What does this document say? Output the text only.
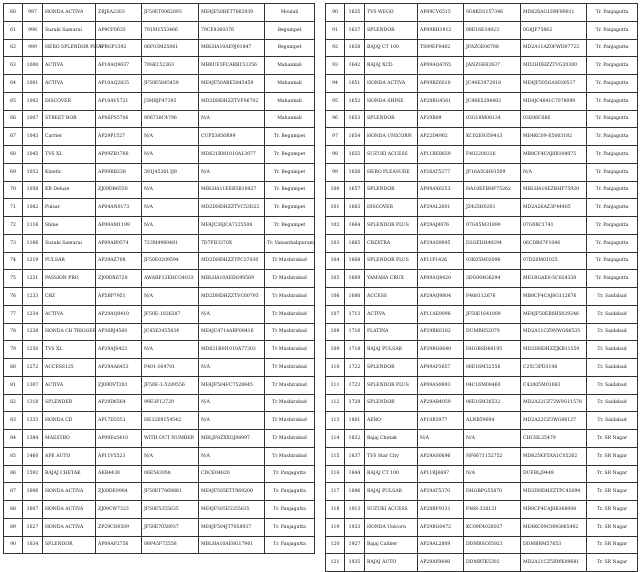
60	997	HONDA ACTIVA	ZBJEA2303	JF50ET0062093	ME4JF50BET7062939	Moulali
61	998	Suzuki Samurai	AP9CF0635	791M1553466	79CF8360376	Begumpet
62	999	HERO SPLENDOR PLUS	APBGP1392	06F03M25061	MBLHA10AE9J01847	Begumpet
63	1000	ACTIVA	AP10AQ9637	79SK152363	MBRUF3FCARB153356	Mahankali
64	1001	ACTIVA	AP10AQ2835	JF50E5845459	ME4JF50ABE5845459	Mahankali
65	1002	DISCOVER	AP10AV5721	J3MBJF47392	MD2DHDHZZTVF06702	Mahankali
66	1007	STREET BOB	APS6PS5706	906730C4796	N/A	Mahankali
67	1043	Carrier	AP29P1527	N/A	CUP53856R99	Tr. Begumpet
68	1045	TVS XL	AP09ZB1766	N/A	MD621BM1010A13077	Tr. Begumpet
69	1052	Kinetic	AP09BB238	391J452613J8	N/A	Tr. Begumpet
70	1058	KB Deluxe	ZJ09DB6550	N/A	MBLHA11EEB5B10427	Tr. Begumpet
71	1082	Pulsar	AP04AN0173	N/A	MD2DHDHZZTVC53D22	Tr. Begumpet
72	1116	Shine	AP09AM1199	N/A	ME4JC36JCA7125508	Tr. Begumpet
73	1166	Suzuki Samurai	AP09AB9574	723M4960481	7D7FB3370X	Tr. Vanasthalipuram
74	1219	PULSAR	AP29AZ708	JF50E0209594	MD2DHDHZZTPC37030	Tr Mushirabad
75	1231	PASSION PRO	ZJ09DX6720	AWARF12EHCG4033	MBLHA10AEDG99569	Tr Mushirabad
76	1233	CBZ	AP5BP7951	N/A	MD2DHDHZZTVC60793	Tr Mushirabad
77	1234	ACTIVA	AP29AQ0410	JF50E-1026387	N/A	Tr Mushirabad
78	1238	HONDA CB TRIGGER	AP36BJ4560	JC45E3455434	ME4JC4714ABF08416	Tr Mushirabad
79	1250	TVS XL	AP29AJ0423	N/A	MD621BM1010A77303	Tr Mushirabad
80	1272	ACCESS125	AP29AA6453	F401-164701	N/A	Tr Mushirabad
81	1307	ACTIVA	ZJ09DVT281	JF50E-1-5289556	ME4JF504FC7528845	Tr Mushirabad
82	1318	SPLENDER	AP29D6564	99E3F12729	N/A	Tr Mushirabad
83	1333	HONDA CD	AP17D3551	HE32E9154542	N/A	Tr Mushirabad
84	1384	MAESTRO	AP09Ex5410	WITH OUT NUMBER	MBLJF8ZXXGJ08997	Tr Mushirabad
85	1460	APE AUTO	AP11V5523	N/A	N/A	Tr Mushirabad
86	1592	BAJAJ CHETAK	AKB4438	06E543958	CDCE04820	Tr. Panjagutta
87	1606	HONDA ACTIVA	ZJ09DE9904	JF50ET7069881	ME4JF505ETT069200	Tr. Panjagutta
88	1607	HONDA ACTIVA	ZJ09CW7323	JF50E5355635	ME4JF505E5355635	Tr. Panjagutta
89	1627	HONDA ACTIVA	ZP29CO0509	JF50E7058937	ME4JF504JT7058937	Tr. Panjagutta
90	1634	SPLENDOR	AP09AF2756	08F45F72558	MBLHA10AE8G17961	Tr. Panjagutta
90	1635	TVS WEGO	AP09CV6515	0G8KD1157346	MD626AG1D9F89811	Tr. Panjagutta
91	1637	SPLENDOR	AP09BH1912	08E16E34923	0G8JF75862	Tr. Panjagutta
92	1638	BAJAJ CT 100	TS09EF0402	JFAZGE06708	MD2A11AZ0FWD07723	Tr. Panjagutta
93	1642	BAJAJ XCD	AP09AQ4765	JANZGE62637	MD2HDHZZTVG20300	Tr. Panjagutta
94	1651	HONDA ACTIVA	AP09BZ6010	JC44E3972918	ME4JF505GAS030517	Tr. Panjagutta
95	1652	HONDA SHINE	AP28BG4561	JC48E5298482	MD4JC4841C7078090	Tr. Panjagutta
96	1653	SPLENDOR	AP29B09	03G18M08134	03E06C066	Tr. Panjagutta
97	1654	HONDA UNICORN	AP22D4902	KC02E9359413	ME4KC09-E5003182	Tr. Panjagutta
98	1655	SUZUKI ACCESS	AP11BE8659	F402200316	MB8CF4CAJ8B108075	Tr. Panjagutta
99	1656	HERO PLEASURE	AP26AT5277	JF16A5GH01509	N/A	Tr. Panjagutta
100	1657	SPLENDOR	AP09AX6253	HA10EFBHF75262	MBLHA10EZBHF75920	Tr. Panjagutta
101	1663	DISCOVER	AP29AL2601	JZ425H0201	MD2A26AZ3F44465	Tr. Panjagutta
102	1664	SPLENDOR PLUS	AP29AJ8076	07G05M31890	07G08C1741	Tr. Panjagutta
103	1665	CBZXTRA	AP29AS9895	D3GEDH49294	06CDB07F1046	Tr. Panjagutta
104	1668	SPLENDOR PLUS	AP11P1426	03K05M02096	07D20M01025	Tr. Panjagutta
105	1669	YAMAHA CRUX	AP09AQ8420	3DG004G6294	ME1RGAE0-5C024338	Tr. Panjagutta
106	1680	ACCESS	AP29AQ9804	F468112676	MB8CF4CAJ8G112676	Tr. Saidabad
107	1713	ACTIVA	AP11AE9096	JF50E1641009	ME4JF50EB0H5029246	Tr. Saidabad
108	1716	PLATINA	AP29BK0182	DUMBR52079	MD2A11CZ9NWG06535	Tr. Saidabad
109	1718	BAJAJ PULSAR	AP29BG0640	DHGBSD60195	MD2DHDHZZJKB11559	Tr. Saidabad
110	1722	SPLENDOR	AP09AP3657	06E16M32556	C25C3PD3148	Tr. Saidabad
111	1723	SPLENDOR PLUS	AP09AS9893	04C16M08460	C42005M01063	Tr. Saidabad
112	1729	SPLENDOR	AP29AR4959	06E16M26532	MD2A22CZ72W0G11578	Tr. Saidabad
113	1801	AERO	AP10B3977	ALNB59694	MD2A22CZ3WG06127	Tr. Saidabad
114	1832	Bajaj Chetak	N/A	N/A	CHCHL25479	Tr. SR Nagar
115	1837	TVS Star City	AP29AS0696	NF6671152752	MD625KF5XA1C05262	Tr. SR Nagar
116	1844	BAJAJ CT 100	AP11BJ6697	N/A	DUFBLJ9449	Tr. SR Nagar
117	1896	BAJAJ PULSAR	AP29AT5370	DHGBPG55870	MD2DHDHZZTPC45094	Tr. SR Nagar
118	1913	SUZUKI ACCESS	AP28BF9121	F468-328121	MB8CF4CAJ8B368098	Tr. SR Nagar
119	1923	HONDA Unicorn	AP29BG0472	KC09E4026037	ME4KC09CH9G065402	Tr. SR Nagar
120	1927	Bajaj Caliber	AP29AL2809	DDMBSC65921	DDMBRM57653	Tr. SR Nagar
121	1935	BAJAJ AUTO	AP29AY0648	DDMBTK5302	MD2A11CZ5RWK09681	Tr. SR Nagar
